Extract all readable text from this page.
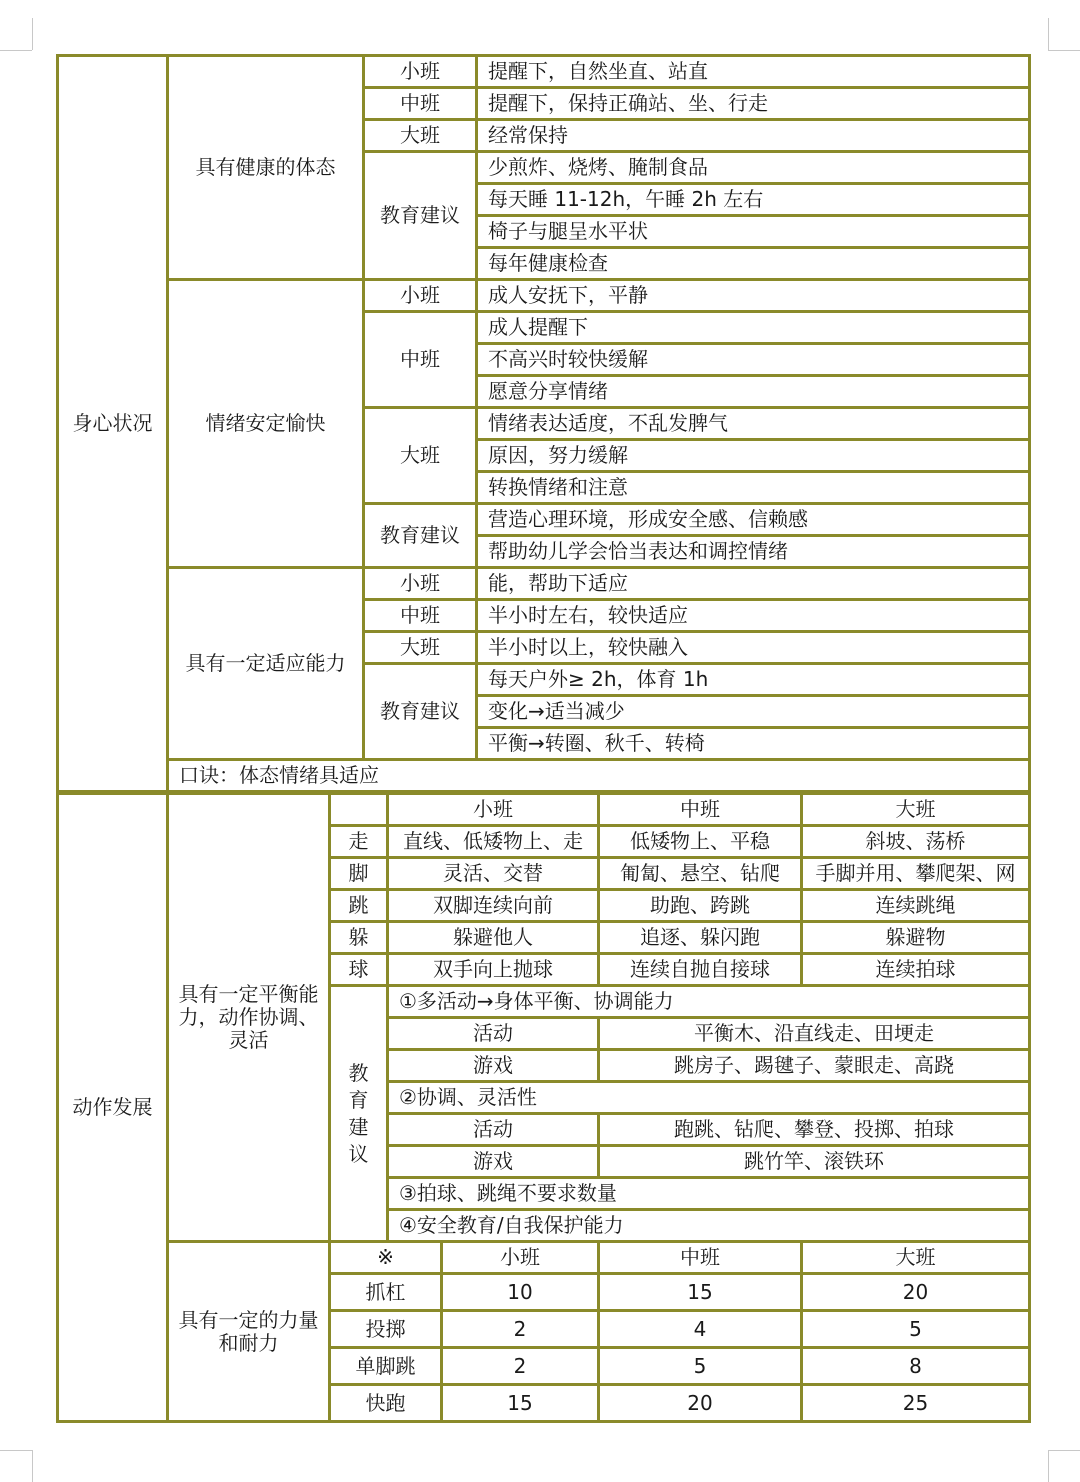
身心状况	具有健康的体态	小班	提醒下，自然坐直、站直
		中班	提醒下，保持正确站、坐、行走
		大班	经常保持
		教育建议	少煎炸、烧烤、腌制食品
			每天睡 11-12h，午睡 2h 左右
			椅子与腿呈水平状
			每年健康检查
	情绪安定愉快	小班	成人安抚下，平静
		中班	成人提醒下
			不高兴时较快缓解
			愿意分享情绪
		大班	情绪表达适度，不乱发脾气
			原因，努力缓解
			转换情绪和注意
		教育建议	营造心理环境，形成安全感、信赖感
			帮助幼儿学会恰当表达和调控情绪
	具有一定适应能力	小班	能，帮助下适应
		中班	半小时左右，较快适应
		大班	半小时以上，较快融入
		教育建议	每天户外≥ 2h，体育 1h
			变化→适当减少
			平衡→转圈、秋千、转椅
	口诀：体态情绪具适应		
动作发展	具有一定平衡能力，动作协调、灵活		小班		中班	大班
		走	直线、低矮物上、走		低矮物上、平稳	斜坡、荡桥
		脚	灵活、交替		匍匐、悬空、钻爬	手脚并用、攀爬架、网
		跳	双脚连续向前		助跑、跨跳	连续跳绳
		躲	躲避他人		追逐、躲闪跑	躲避物
		球	双手向上抛球		连续自抛自接球	连续拍球
		教育建议	①多活动→身体平衡、协调能力			
			活动		平衡木、沿直线走、田埂走	
			游戏		跳房子、踢毽子、蒙眼走、高跷	
			②协调、灵活性			
			活动		跑跳、钻爬、攀登、投掷、拍球	
			游戏		跳竹竿、滚铁环	
			③拍球、跳绳不要求数量			
			④安全教育/自我保护能力			
	具有一定的力量和耐力	※		小班	中班	大班
		抓杠		10	15	20
		投掷		2	4	5
		单脚跳		2	5	8
		快跑		15	20	25
